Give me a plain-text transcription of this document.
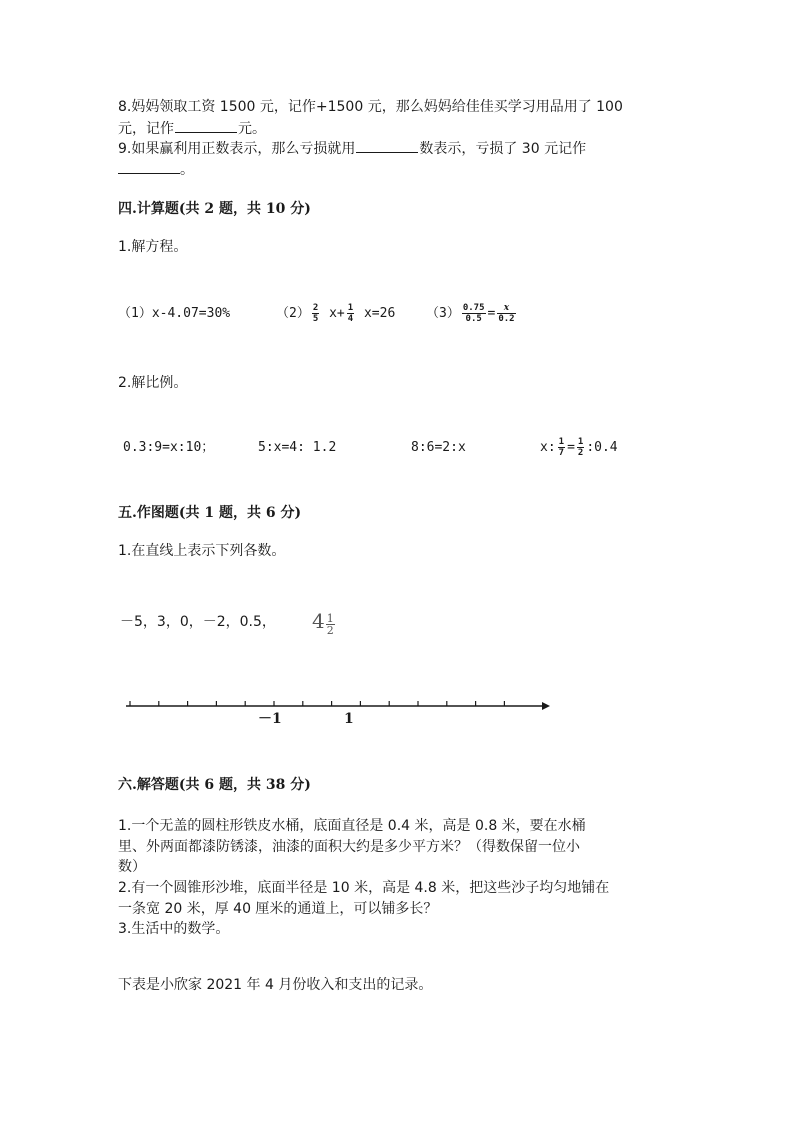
8.妈妈领取工资 1500 元，记作+1500 元，那么妈妈给佳佳买学习用品用了 100
元，记作	元。
9.如果赢利用正数表示，那么亏损就用	数表示，亏损了 30 元记作
。
四.计算题(共 2 题，共 10 分)
1.解方程。
（1）x-4.07=30%	$(2) \frac{2}{5} x+ \frac{1}{4} x=26$ $(3) \frac{0.75}{0.5} = \frac{x}{0.2}$
2.解比例。
0.3:9=x:10；	5:x=4: 1.2	8:6=2:x	x: $\frac{1}{7} = \frac{1}{2}$ :0.4
五.作图题(共 1 题，共 6 分)
1.在直线上表示下列各数。
－5，3，0，－2，0.5， $4 \frac{1}{2}$
－1	1
六.解答题(共 6 题，共 38 分)
1.一个无盖的圆柱形铁皮水桶，底面直径是 0.4 米，高是 0.8 米，要在水桶
里、外两面都漆防锈漆，油漆的面积大约是多少平方米？（得数保留一位小
数）
2.有一个圆锥形沙堆，底面半径是 10 米，高是 4.8 米，把这些沙子均匀地铺在
一条宽 20 米，厚 40 厘米的通道上，可以铺多长？
3.生活中的数学。
下表是小欣家 2021 年 4 月份收入和支出的记录。
